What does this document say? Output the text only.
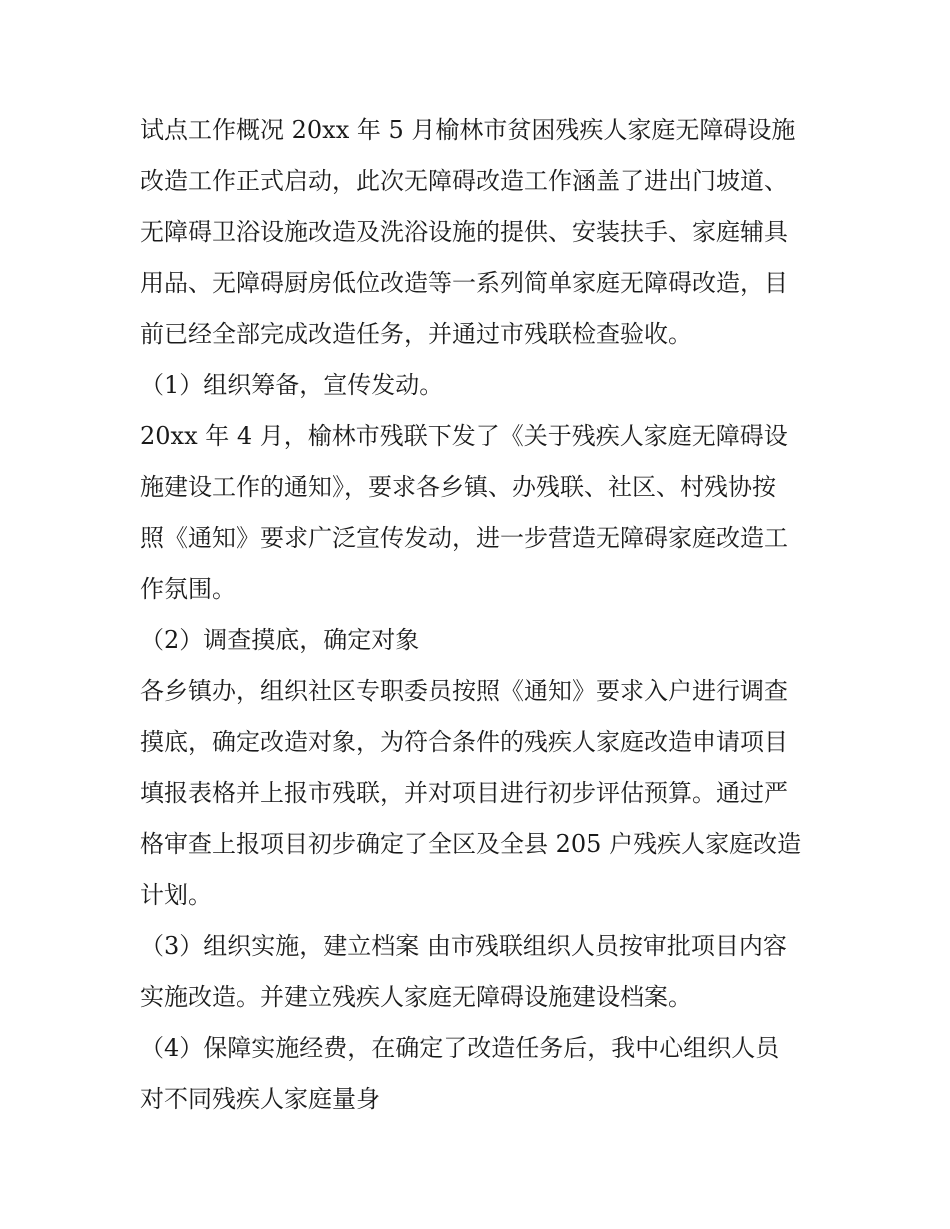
试点工作概况 20xx 年 5 月榆林市贫困残疾人家庭无障碍设施
改造工作正式启动，此次无障碍改造工作涵盖了进出门坡道、
无障碍卫浴设施改造及洗浴设施的提供、安装扶手、家庭辅具
用品、无障碍厨房低位改造等一系列简单家庭无障碍改造，目
前已经全部完成改造任务，并通过市残联检查验收。
（1）组织筹备，宣传发动。
20xx 年 4 月，榆林市残联下发了《关于残疾人家庭无障碍设
施建设工作的通知》，要求各乡镇、办残联、社区、村残协按
照《通知》要求广泛宣传发动，进一步营造无障碍家庭改造工
作氛围。
（2）调查摸底，确定对象
各乡镇办，组织社区专职委员按照《通知》要求入户进行调查
摸底，确定改造对象，为符合条件的残疾人家庭改造申请项目
填报表格并上报市残联，并对项目进行初步评估预算。通过严
格审查上报项目初步确定了全区及全县 205 户残疾人家庭改造
计划。
（3）组织实施，建立档案 由市残联组织人员按审批项目内容
实施改造。并建立残疾人家庭无障碍设施建设档案。
（4）保障实施经费，在确定了改造任务后，我中心组织人员
对不同残疾人家庭量身
